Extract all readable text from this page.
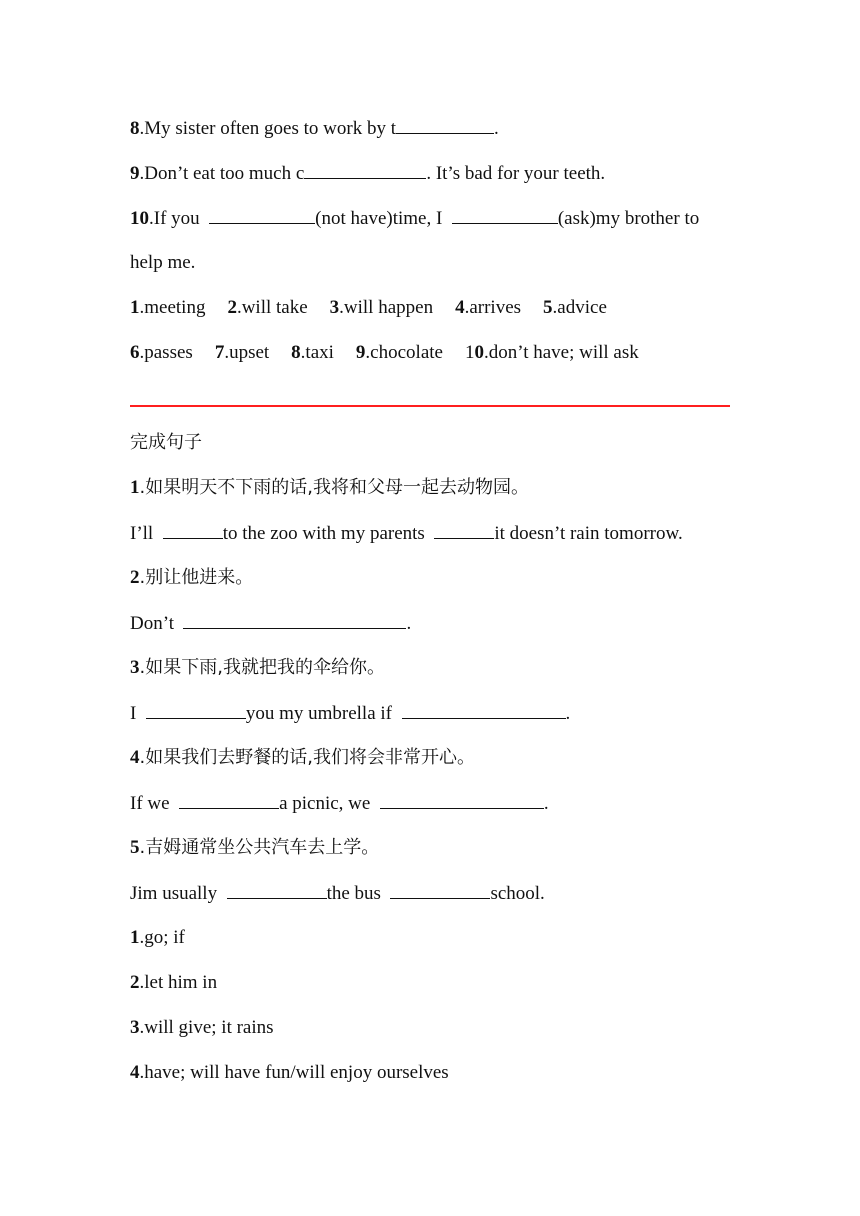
8.My sister often goes to work by t	.
9.Don’t eat too much c	. It’s bad for your teeth.
10.If you	(not have)time, I	(ask)my brother to
help me.
1.meeting 2.will take 3.will happen 4.arrives 5.advice
6.passes 7.upset 8.taxi 9.chocolate 10.don’t have; will ask
完成句子
1.如果明天不下雨的话,我将和父母一起去动物园。
I’ll	to the zoo with my parents	it doesn’t rain tomorrow.
2.别让他进来。
Don’t	.
3.如果下雨,我就把我的伞给你。
I	you my umbrella if	.
4.如果我们去野餐的话,我们将会非常开心。
If we	a picnic, we	.
5.吉姆通常坐公共汽车去上学。
Jim usually	the bus	school.
1.go; if
2.let him in
3.will give; it rains
4.have; will have fun/will enjoy ourselves
